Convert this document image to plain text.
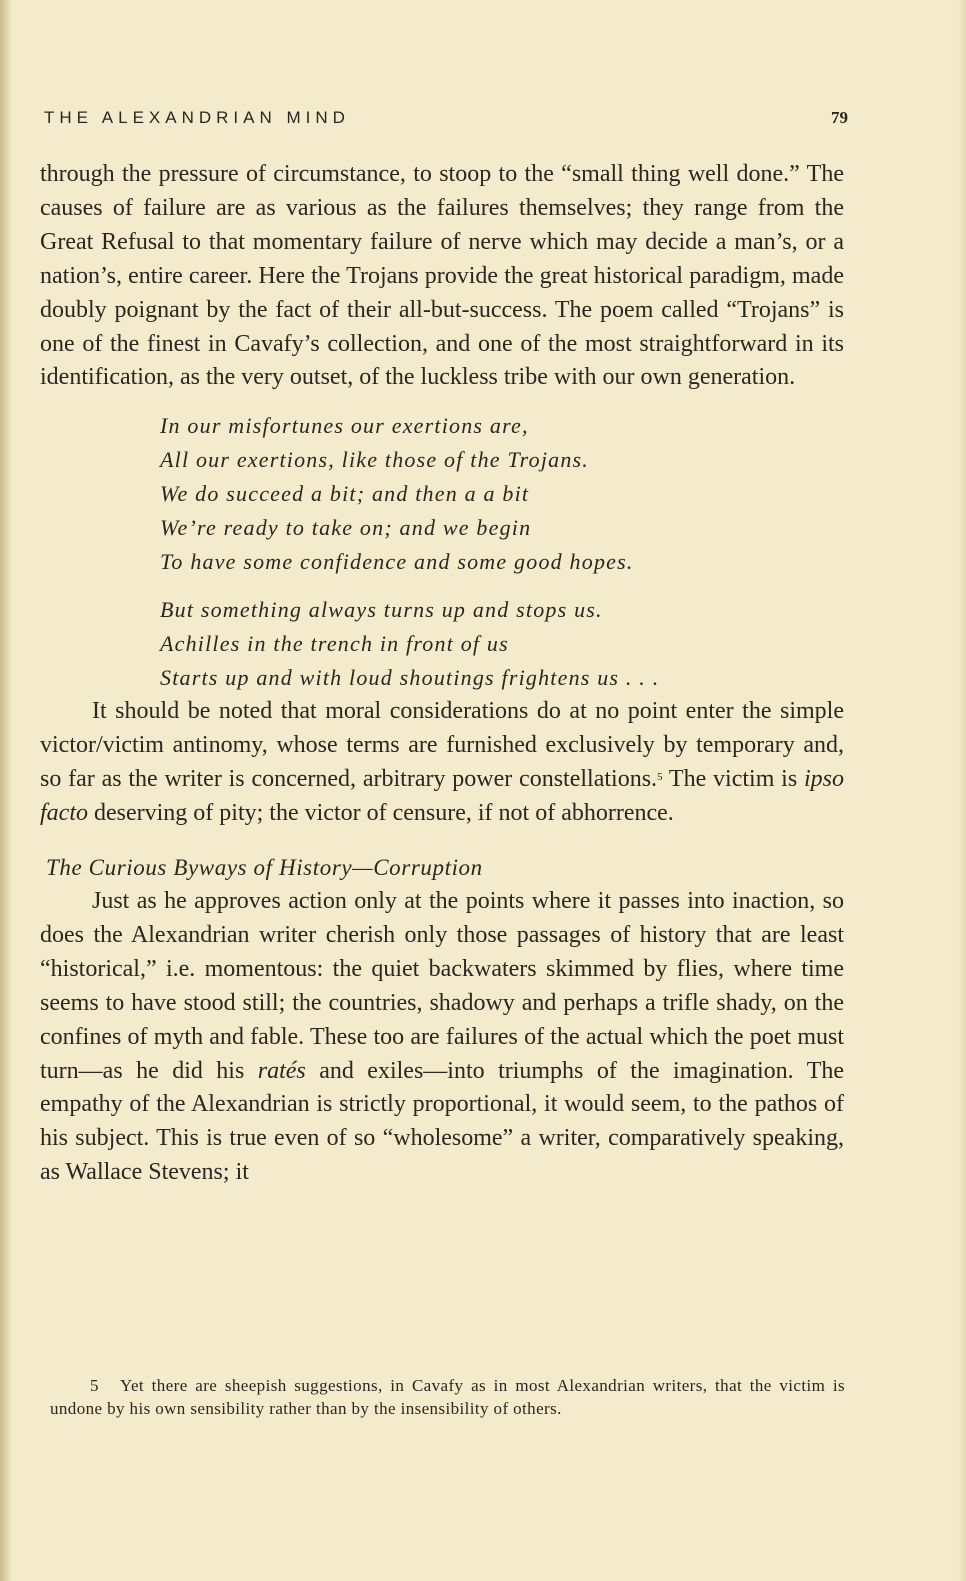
THE ALEXANDRIAN MIND	79

through the pressure of circumstance, to stoop to the “small thing well done.” The causes of failure are as various as the failures themselves; they range from the Great Refusal to that momentary failure of nerve which may decide a man’s, or a nation’s, entire career. Here the Trojans provide the great historical paradigm, made doubly poignant by the fact of their all-but-success. The poem called “Trojans” is one of the finest in Cavafy’s collection, and one of the most straightforward in its identification, as the very outset, of the luckless tribe with our own generation.

In our misfortunes our exertions are,
All our exertions, like those of the Trojans.
We do succeed a bit; and then a a bit
We’re ready to take on; and we begin
To have some confidence and some good hopes.
But something always turns up and stops us.
Achilles in the trench in front of us
Starts up and with loud shoutings frightens us . . .

It should be noted that moral considerations do at no point enter the simple victor/victim antinomy, whose terms are furnished exclusively by temporary and, so far as the writer is concerned, arbitrary power constellations.$^5$ The victim is ipso facto deserving of pity; the victor of censure, if not of abhorrence.

The Curious Byways of History—Corruption

Just as he approves action only at the points where it passes into inaction, so does the Alexandrian writer cherish only those passages of history that are least “historical,” i.e. momentous: the quiet backwaters skimmed by flies, where time seems to have stood still; the countries, shadowy and perhaps a trifle shady, on the confines of myth and fable. These too are failures of the actual which the poet must turn—as he did his ratés and exiles—into triumphs of the imagination. The empathy of the Alexandrian is strictly proportional, it would seem, to the pathos of his subject. This is true even of so “wholesome” a writer, comparatively speaking, as Wallace Stevens; it

5 Yet there are sheepish suggestions, in Cavafy as in most Alexandrian writers, that the victim is undone by his own sensibility rather than by the insensibility of others.
